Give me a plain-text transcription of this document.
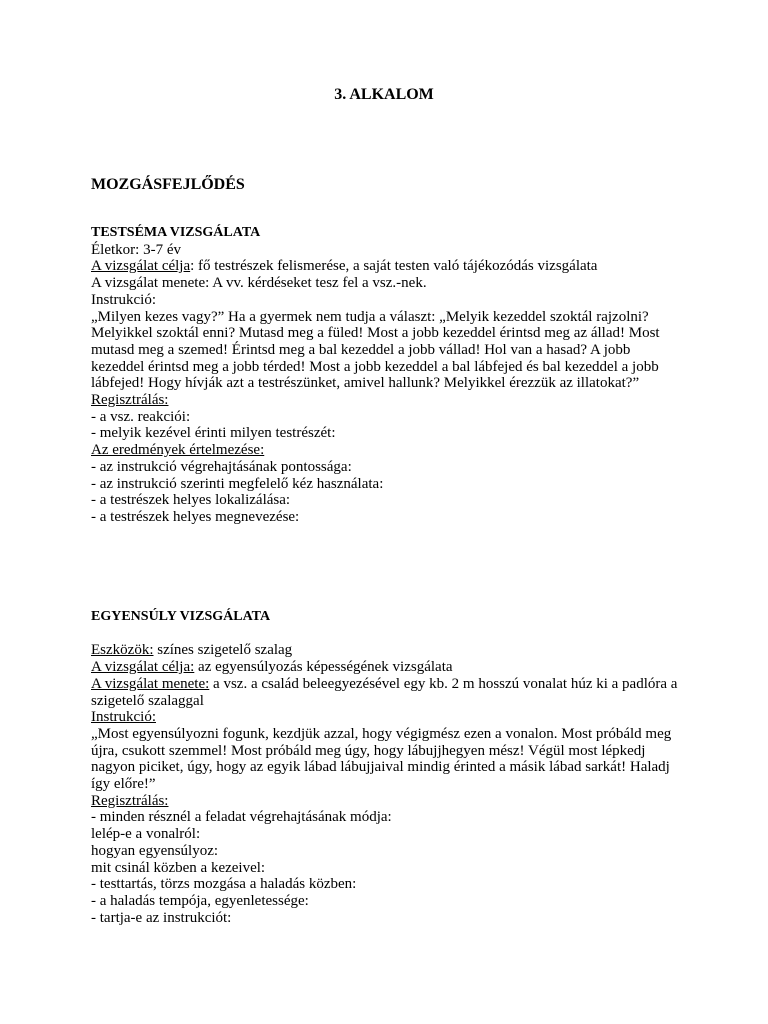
3. ALKALOM

MOZGÁSFEJLŐDÉS

TESTSÉMA VIZSGÁLATA

Életkor: 3-7 év

A vizsgálat célja: fő testrészek felismerése, a saját testen való tájékozódás vizsgálata

A vizsgálat menete: A vv. kérdéseket tesz fel a vsz.-nek.

Instrukció:

„Milyen kezes vagy?” Ha a gyermek nem tudja a választ: „Melyik kezeddel szoktál rajzolni? Melyikkel szoktál enni? Mutasd meg a füled! Most a jobb kezeddel érintsd meg az állad! Most mutasd meg a szemed! Érintsd meg a bal kezeddel a jobb vállad! Hol van a hasad? A jobb kezeddel érintsd meg a jobb térded! Most a jobb kezeddel a bal lábfejed és bal kezeddel a jobb lábfejed! Hogy hívják azt a testrészünket, amivel hallunk? Melyikkel érezzük az illatokat?”

Regisztrálás:

- a vsz. reakciói:

- melyik kezével érinti milyen testrészét:

Az eredmények értelmezése:

- az instrukció végrehajtásának pontossága:

- az instrukció szerinti megfelelő kéz használata:

- a testrészek helyes lokalizálása:

- a testrészek helyes megnevezése:

EGYENSÚLY VIZSGÁLATA

Eszközök: színes szigetelő szalag

A vizsgálat célja: az egyensúlyozás képességének vizsgálata

A vizsgálat menete: a vsz. a család beleegyezésével egy kb. 2 m hosszú vonalat húz ki a padlóra a szigetelő szalaggal

Instrukció:

„Most egyensúlyozni fogunk, kezdjük azzal, hogy végigmész ezen a vonalon. Most próbáld meg újra, csukott szemmel! Most próbáld meg úgy, hogy lábujjhegyen mész! Végül most lépkedj nagyon piciket, úgy, hogy az egyik lábad lábujjaival mindig érinted a másik lábad sarkát! Haladj így előre!”

Regisztrálás:

- minden résznél a feladat végrehajtásának módja:

lelép-e a vonalról:

hogyan egyensúlyoz:

mit csinál közben a kezeivel:

- testtartás, törzs mozgása a haladás közben:

- a haladás tempója, egyenletessége:

- tartja-e az instrukciót:
